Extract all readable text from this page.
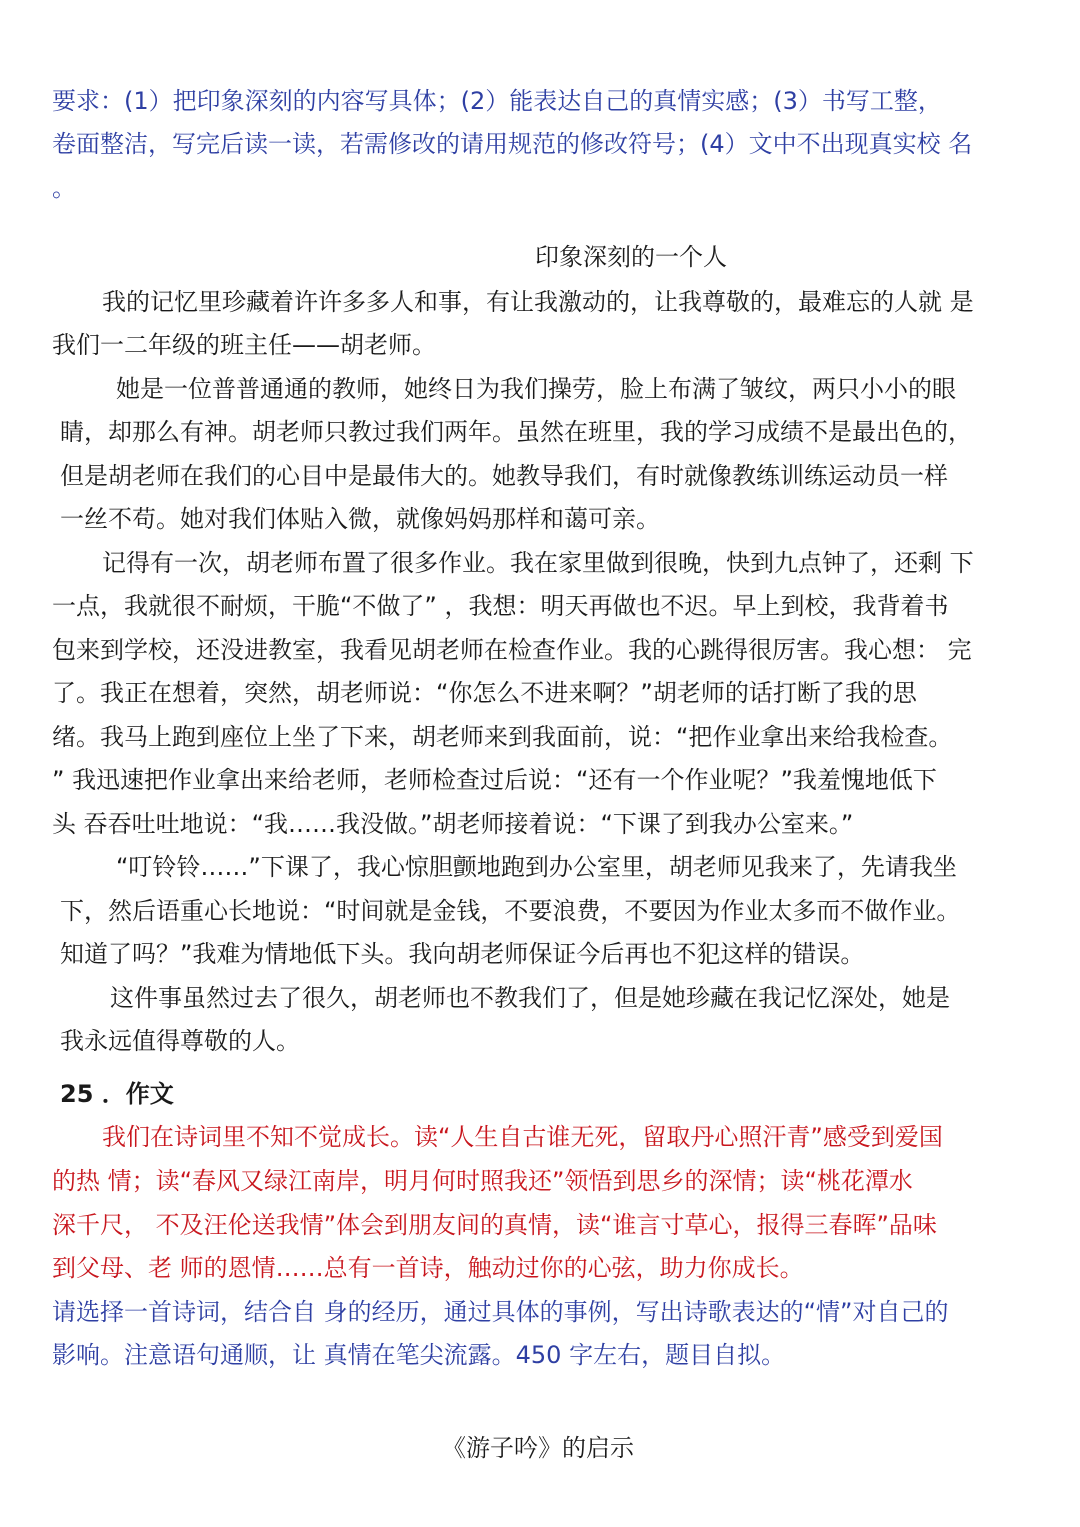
要求：(1）把印象深刻的内容写具体；(2）能表达自己的真情实感；(3）书写工整，
卷面整洁，写完后读一读，若需修改的请用规范的修改符号；(4）文中不出现真实校 名
。
印象深刻的一个人
我的记忆里珍藏着许许多多人和事，有让我激动的，让我尊敬的，最难忘的人就 是
我们一二年级的班主任——胡老师。
她是一位普普通通的教师，她终日为我们操劳，脸上布满了皱纹，两只小小的眼
睛，却那么有神。胡老师只教过我们两年。虽然在班里，我的学习成绩不是最出色的，
但是胡老师在我们的心目中是最伟大的。她教导我们，有时就像教练训练运动员一样
一丝不苟。她对我们体贴入微，就像妈妈那样和蔼可亲。
记得有一次，胡老师布置了很多作业。我在家里做到很晚，快到九点钟了，还剩 下
一点，我就很不耐烦，干脆“不做了” ，我想：明天再做也不迟。早上到校，我背着书
包来到学校，还没进教室，我看见胡老师在检查作业。我的心跳得很厉害。我心想： 完
了。我正在想着，突然，胡老师说：“你怎么不进来啊？”胡老师的话打断了我的思
绪。我马上跑到座位上坐了下来，胡老师来到我面前，说：“把作业拿出来给我检查。
” 我迅速把作业拿出来给老师，老师检查过后说：“还有一个作业呢？”我羞愧地低下
头 吞吞吐吐地说：“我……我没做。”胡老师接着说：“下课了到我办公室来。”
“叮铃铃……”下课了，我心惊胆颤地跑到办公室里，胡老师见我来了，先请我坐
下，然后语重心长地说：“时间就是金钱，不要浪费，不要因为作业太多而不做作业。
知道了吗？”我难为情地低下头。我向胡老师保证今后再也不犯这样的错误。
这件事虽然过去了很久，胡老师也不教我们了，但是她珍藏在我记忆深处，她是
我永远值得尊敬的人。
25 ．作文
我们在诗词里不知不觉成长。读“人生自古谁无死，留取丹心照汗青”感受到爱国
的热 情；读“春风又绿江南岸，明月何时照我还”领悟到思乡的深情；读“桃花潭水
深千尺， 不及汪伦送我情”体会到朋友间的真情，读“谁言寸草心，报得三春晖”品味
到父母、老 师的恩情……总有一首诗，触动过你的心弦，助力你成长。
请选择一首诗词，结合自 身的经历，通过具体的事例，写出诗歌表达的“情”对自己的
影响。注意语句通顺，让 真情在笔尖流露。450 字左右，题目自拟。
《游子吟》的启示
